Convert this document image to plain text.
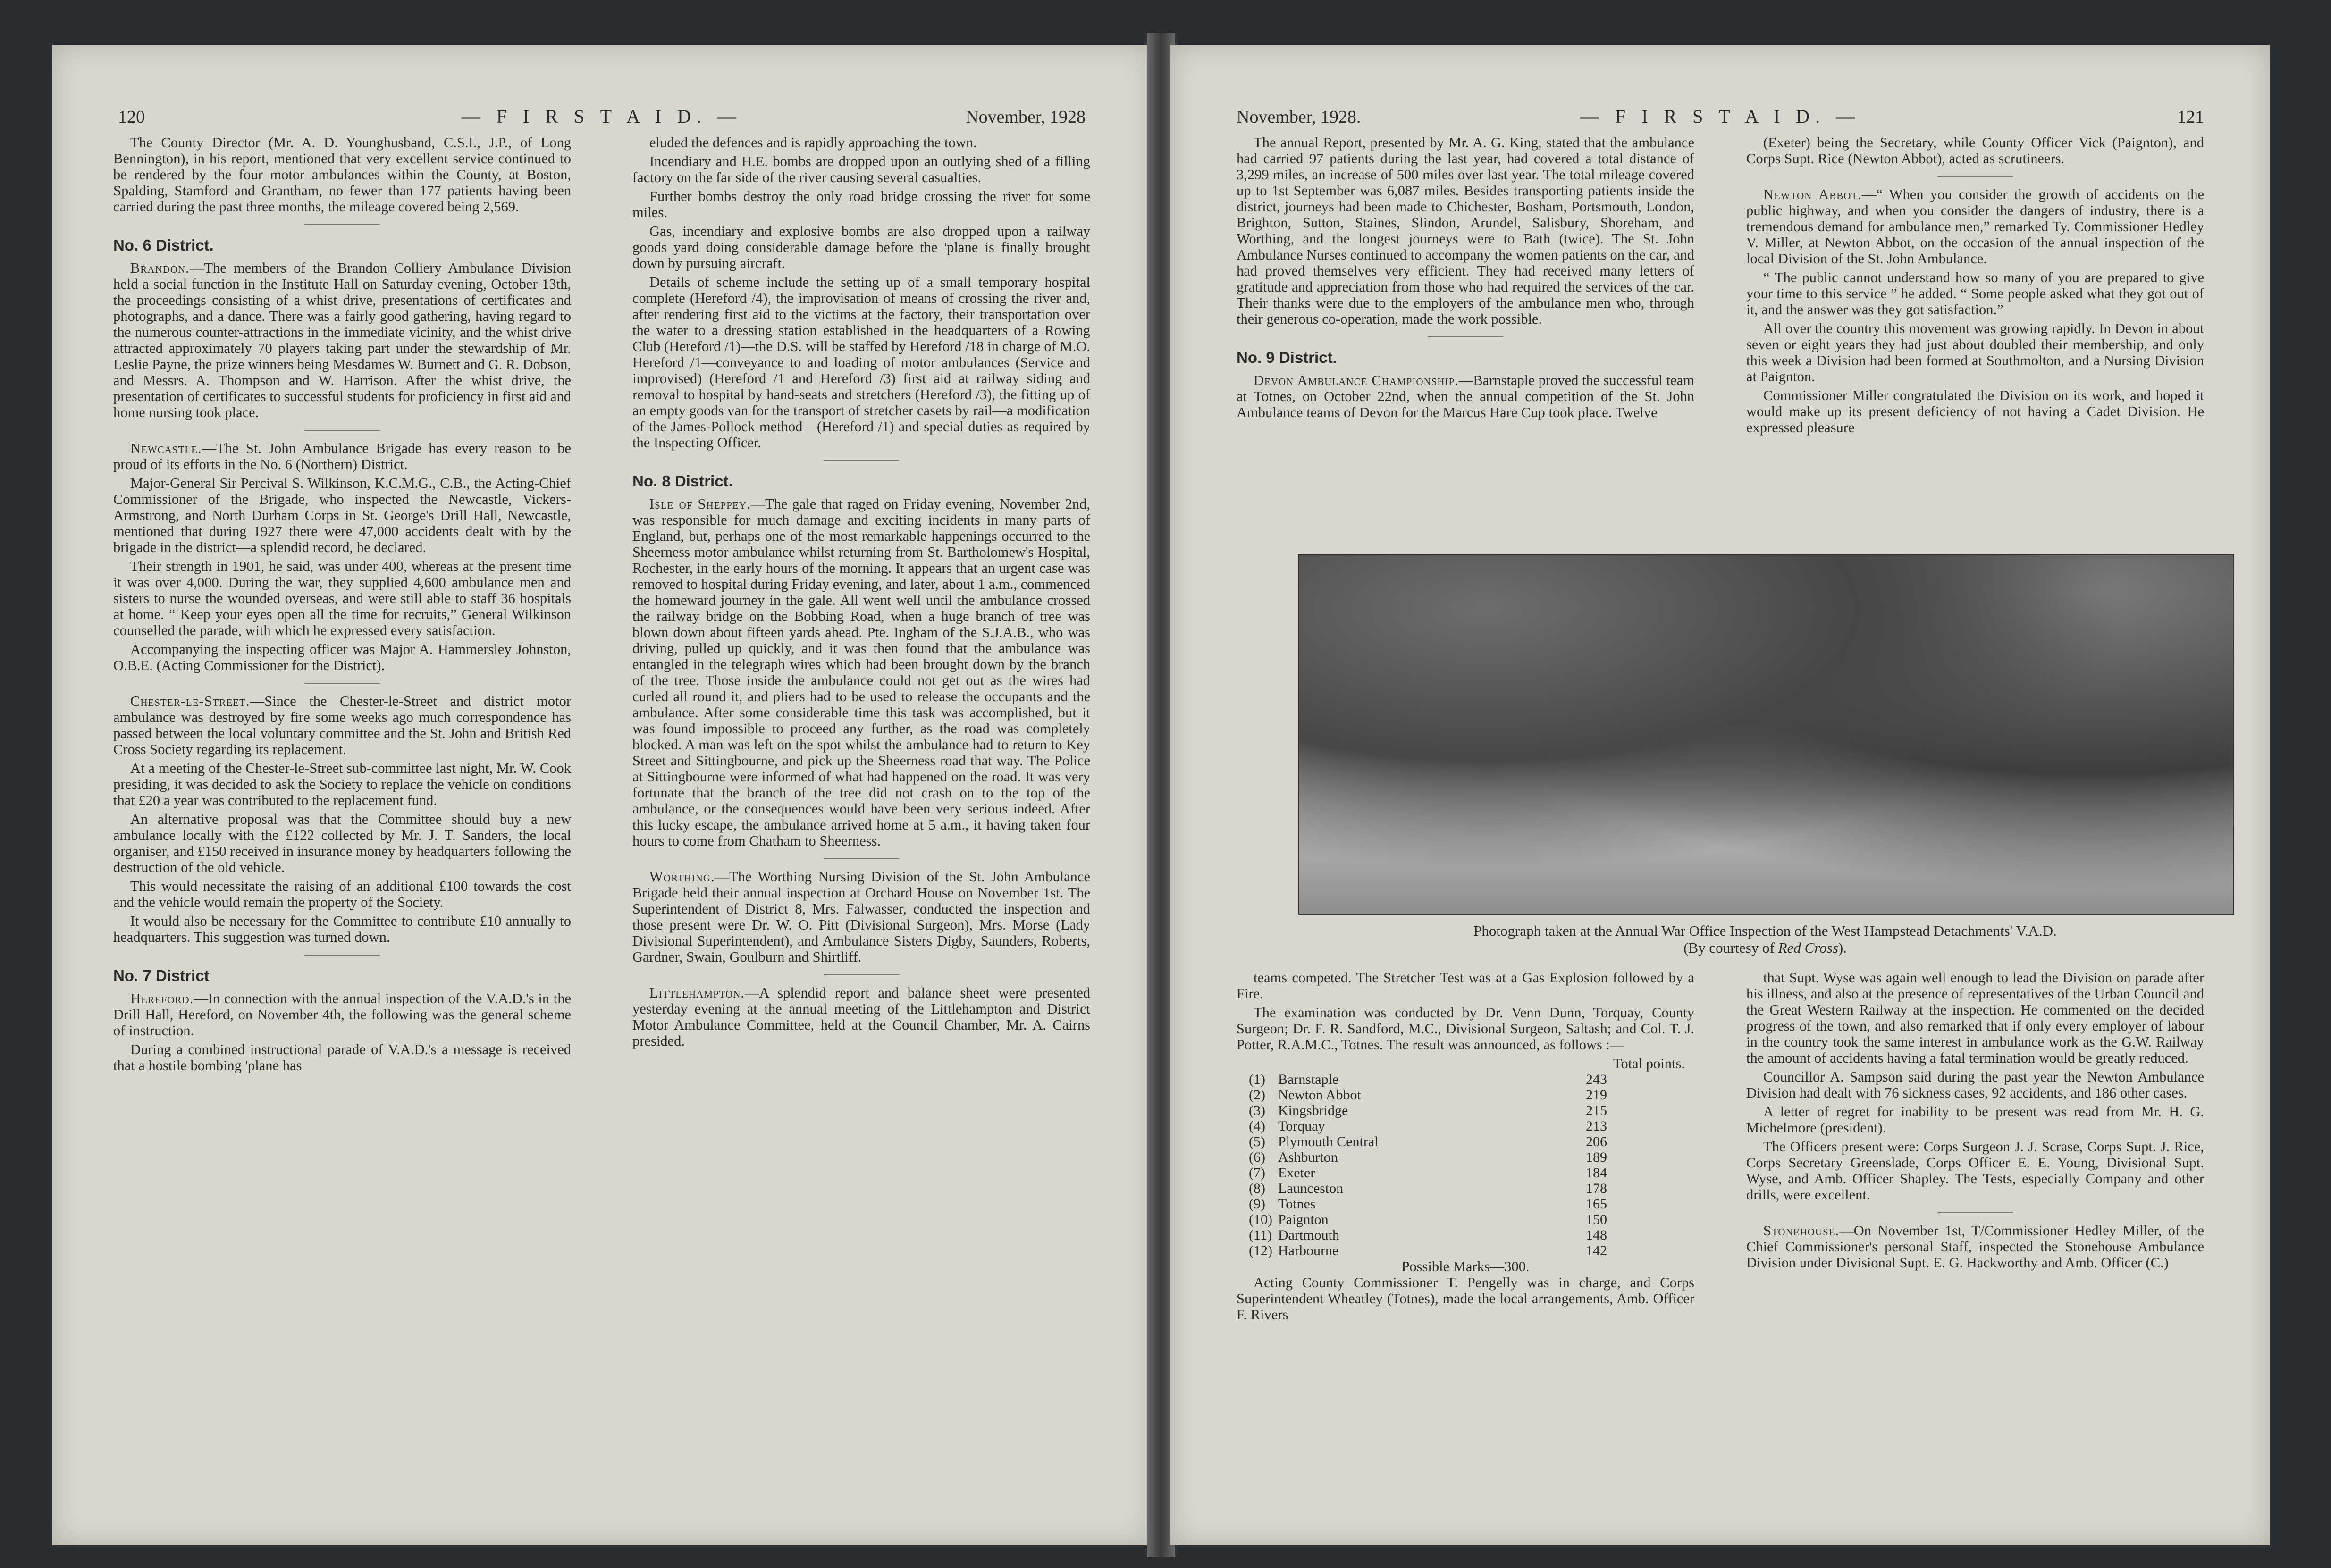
120	— F I R S T A I D. —	November, 1928

The County Director (Mr. A. D. Younghusband, C.S.I., J.P., of Long Bennington), in his report, mentioned that very excellent service continued to be rendered by the four motor ambulances within the County, at Boston, Spalding, Stamford and Grantham, no fewer than 177 patients having been carried during the past three months, the mileage covered being 2,569.

No. 6 District.

Brandon.—The members of the Brandon Colliery Ambulance Division held a social function in the Institute Hall on Saturday evening, October 13th, the proceedings consisting of a whist drive, presentations of certificates and photographs, and a dance. There was a fairly good gathering, having regard to the numerous counter-attractions in the immediate vicinity, and the whist drive attracted approximately 70 players taking part under the stewardship of Mr. Leslie Payne, the prize winners being Mesdames W. Burnett and G. R. Dobson, and Messrs. A. Thompson and W. Harrison. After the whist drive, the presentation of certificates to successful students for proficiency in first aid and home nursing took place.

Newcastle.—The St. John Ambulance Brigade has every reason to be proud of its efforts in the No. 6 (Northern) District.

Major-General Sir Percival S. Wilkinson, K.C.M.G., C.B., the Acting-Chief Commissioner of the Brigade, who inspected the Newcastle, Vickers-Armstrong, and North Durham Corps in St. George's Drill Hall, Newcastle, mentioned that during 1927 there were 47,000 accidents dealt with by the brigade in the district—a splendid record, he declared.

Their strength in 1901, he said, was under 400, whereas at the present time it was over 4,000. During the war, they supplied 4,600 ambulance men and sisters to nurse the wounded overseas, and were still able to staff 36 hospitals at home. “ Keep your eyes open all the time for recruits,” General Wilkinson counselled the parade, with which he expressed every satisfaction.

Accompanying the inspecting officer was Major A. Hammersley Johnston, O.B.E. (Acting Commissioner for the District).

Chester-le-Street.—Since the Chester-le-Street and district motor ambulance was destroyed by fire some weeks ago much correspondence has passed between the local voluntary committee and the St. John and British Red Cross Society regarding its replacement.

At a meeting of the Chester-le-Street sub-committee last night, Mr. W. Cook presiding, it was decided to ask the Society to replace the vehicle on conditions that £20 a year was contributed to the replacement fund.

An alternative proposal was that the Committee should buy a new ambulance locally with the £122 collected by Mr. J. T. Sanders, the local organiser, and £150 received in insurance money by headquarters following the destruction of the old vehicle.

This would necessitate the raising of an additional £100 towards the cost and the vehicle would remain the property of the Society.

It would also be necessary for the Committee to contribute £10 annually to headquarters. This suggestion was turned down.

No. 7 District

Hereford.—In connection with the annual inspection of the V.A.D.'s in the Drill Hall, Hereford, on November 4th, the following was the general scheme of instruction.

During a combined instructional parade of V.A.D.'s a message is received that a hostile bombing 'plane has

eluded the defences and is rapidly approaching the town.

Incendiary and H.E. bombs are dropped upon an outlying shed of a filling factory on the far side of the river causing several casualties.

Further bombs destroy the only road bridge crossing the river for some miles.

Gas, incendiary and explosive bombs are also dropped upon a railway goods yard doing considerable damage before the 'plane is finally brought down by pursuing aircraft.

Details of scheme include the setting up of a small temporary hospital complete (Hereford /4), the improvisation of means of crossing the river and, after rendering first aid to the victims at the factory, their transportation over the water to a dressing station established in the headquarters of a Rowing Club (Hereford /1)—the D.S. will be staffed by Hereford /18 in charge of M.O. Hereford /1—conveyance to and loading of motor ambulances (Service and improvised) (Hereford /1 and Hereford /3) first aid at railway siding and removal to hospital by hand-seats and stretchers (Hereford /3), the fitting up of an empty goods van for the transport of stretcher casets by rail—a modification of the James-Pollock method—(Hereford /1) and special duties as required by the Inspecting Officer.

No. 8 District.

Isle of Sheppey.—The gale that raged on Friday evening, November 2nd, was responsible for much damage and exciting incidents in many parts of England, but, perhaps one of the most remarkable happenings occurred to the Sheerness motor ambulance whilst returning from St. Bartholomew's Hospital, Rochester, in the early hours of the morning. It appears that an urgent case was removed to hospital during Friday evening, and later, about 1 a.m., commenced the homeward journey in the gale. All went well until the ambulance crossed the railway bridge on the Bobbing Road, when a huge branch of tree was blown down about fifteen yards ahead. Pte. Ingham of the S.J.A.B., who was driving, pulled up quickly, and it was then found that the ambulance was entangled in the telegraph wires which had been brought down by the branch of the tree. Those inside the ambulance could not get out as the wires had curled all round it, and pliers had to be used to release the occupants and the ambulance. After some considerable time this task was accomplished, but it was found impossible to proceed any further, as the road was completely blocked. A man was left on the spot whilst the ambulance had to return to Key Street and Sittingbourne, and pick up the Sheerness road that way. The Police at Sittingbourne were informed of what had happened on the road. It was very fortunate that the branch of the tree did not crash on to the top of the ambulance, or the consequences would have been very serious indeed. After this lucky escape, the ambulance arrived home at 5 a.m., it having taken four hours to come from Chatham to Sheerness.

Worthing.—The Worthing Nursing Division of the St. John Ambulance Brigade held their annual inspection at Orchard House on November 1st. The Superintendent of District 8, Mrs. Falwasser, conducted the inspection and those present were Dr. W. O. Pitt (Divisional Surgeon), Mrs. Morse (Lady Divisional Superintendent), and Ambulance Sisters Digby, Saunders, Roberts, Gardner, Swain, Goulburn and Shirtliff.

Littlehampton.—A splendid report and balance sheet were presented yesterday evening at the annual meeting of the Littlehampton and District Motor Ambulance Committee, held at the Council Chamber, Mr. A. Cairns presided.

November, 1928.	— F I R S T A I D. —	121

The annual Report, presented by Mr. A. G. King, stated that the ambulance had carried 97 patients during the last year, had covered a total distance of 3,299 miles, an increase of 500 miles over last year. The total mileage covered up to 1st September was 6,087 miles. Besides transporting patients inside the district, journeys had been made to Chichester, Bosham, Portsmouth, London, Brighton, Sutton, Staines, Slindon, Arundel, Salisbury, Shoreham, and Worthing, and the longest journeys were to Bath (twice). The St. John Ambulance Nurses continued to accompany the women patients on the car, and had proved themselves very efficient. They had received many letters of gratitude and appreciation from those who had required the services of the car. Their thanks were due to the employers of the ambulance men who, through their generous co-operation, made the work possible.

No. 9 District.

Devon Ambulance Championship.—Barnstaple proved the successful team at Totnes, on October 22nd, when the annual competition of the St. John Ambulance teams of Devon for the Marcus Hare Cup took place. Twelve

(Exeter) being the Secretary, while County Officer Vick (Paignton), and Corps Supt. Rice (Newton Abbot), acted as scrutineers.

Newton Abbot.—“ When you consider the growth of accidents on the public highway, and when you consider the dangers of industry, there is a tremendous demand for ambulance men,” remarked Ty. Commissioner Hedley V. Miller, at Newton Abbot, on the occasion of the annual inspection of the local Division of the St. John Ambulance.

“ The public cannot understand how so many of you are prepared to give your time to this service ” he added. “ Some people asked what they got out of it, and the answer was they got satisfaction.”

All over the country this movement was growing rapidly. In Devon in about seven or eight years they had just about doubled their membership, and only this week a Division had been formed at Southmolton, and a Nursing Division at Paignton.

Commissioner Miller congratulated the Division on its work, and hoped it would make up its present deficiency of not having a Cadet Division. He expressed pleasure

Photograph taken at the Annual War Office Inspection of the West Hampstead Detachments' V.A.D.
(By courtesy of Red Cross).

teams competed. The Stretcher Test was at a Gas Explosion followed by a Fire.

The examination was conducted by Dr. Venn Dunn, Torquay, County Surgeon; Dr. F. R. Sandford, M.C., Divisional Surgeon, Saltash; and Col. T. J. Potter, R.A.M.C., Totnes. The result was announced, as follows :—

Total points.
(1)	Barnstaple	243
(2)	Newton Abbot	219
(3)	Kingsbridge	215
(4)	Torquay	213
(5)	Plymouth Central	206
(6)	Ashburton	189
(7)	Exeter	184
(8)	Launceston	178
(9)	Totnes	165
(10)	Paignton	150
(11)	Dartmouth	148
(12)	Harbourne	142
Possible Marks—300.

Acting County Commissioner T. Pengelly was in charge, and Corps Superintendent Wheatley (Totnes), made the local arrangements, Amb. Officer F. Rivers

that Supt. Wyse was again well enough to lead the Division on parade after his illness, and also at the presence of representatives of the Urban Council and the Great Western Railway at the inspection. He commented on the decided progress of the town, and also remarked that if only every employer of labour in the country took the same interest in ambulance work as the G.W. Railway the amount of accidents having a fatal termination would be greatly reduced.

Councillor A. Sampson said during the past year the Newton Ambulance Division had dealt with 76 sickness cases, 92 accidents, and 186 other cases.

A letter of regret for inability to be present was read from Mr. H. G. Michelmore (president).

The Officers present were: Corps Surgeon J. J. Scrase, Corps Supt. J. Rice, Corps Secretary Greenslade, Corps Officer E. E. Young, Divisional Supt. Wyse, and Amb. Officer Shapley. The Tests, especially Company and other drills, were excellent.

Stonehouse.—On November 1st, T/Commissioner Hedley Miller, of the Chief Commissioner's personal Staff, inspected the Stonehouse Ambulance Division under Divisional Supt. E. G. Hackworthy and Amb. Officer (C.)
